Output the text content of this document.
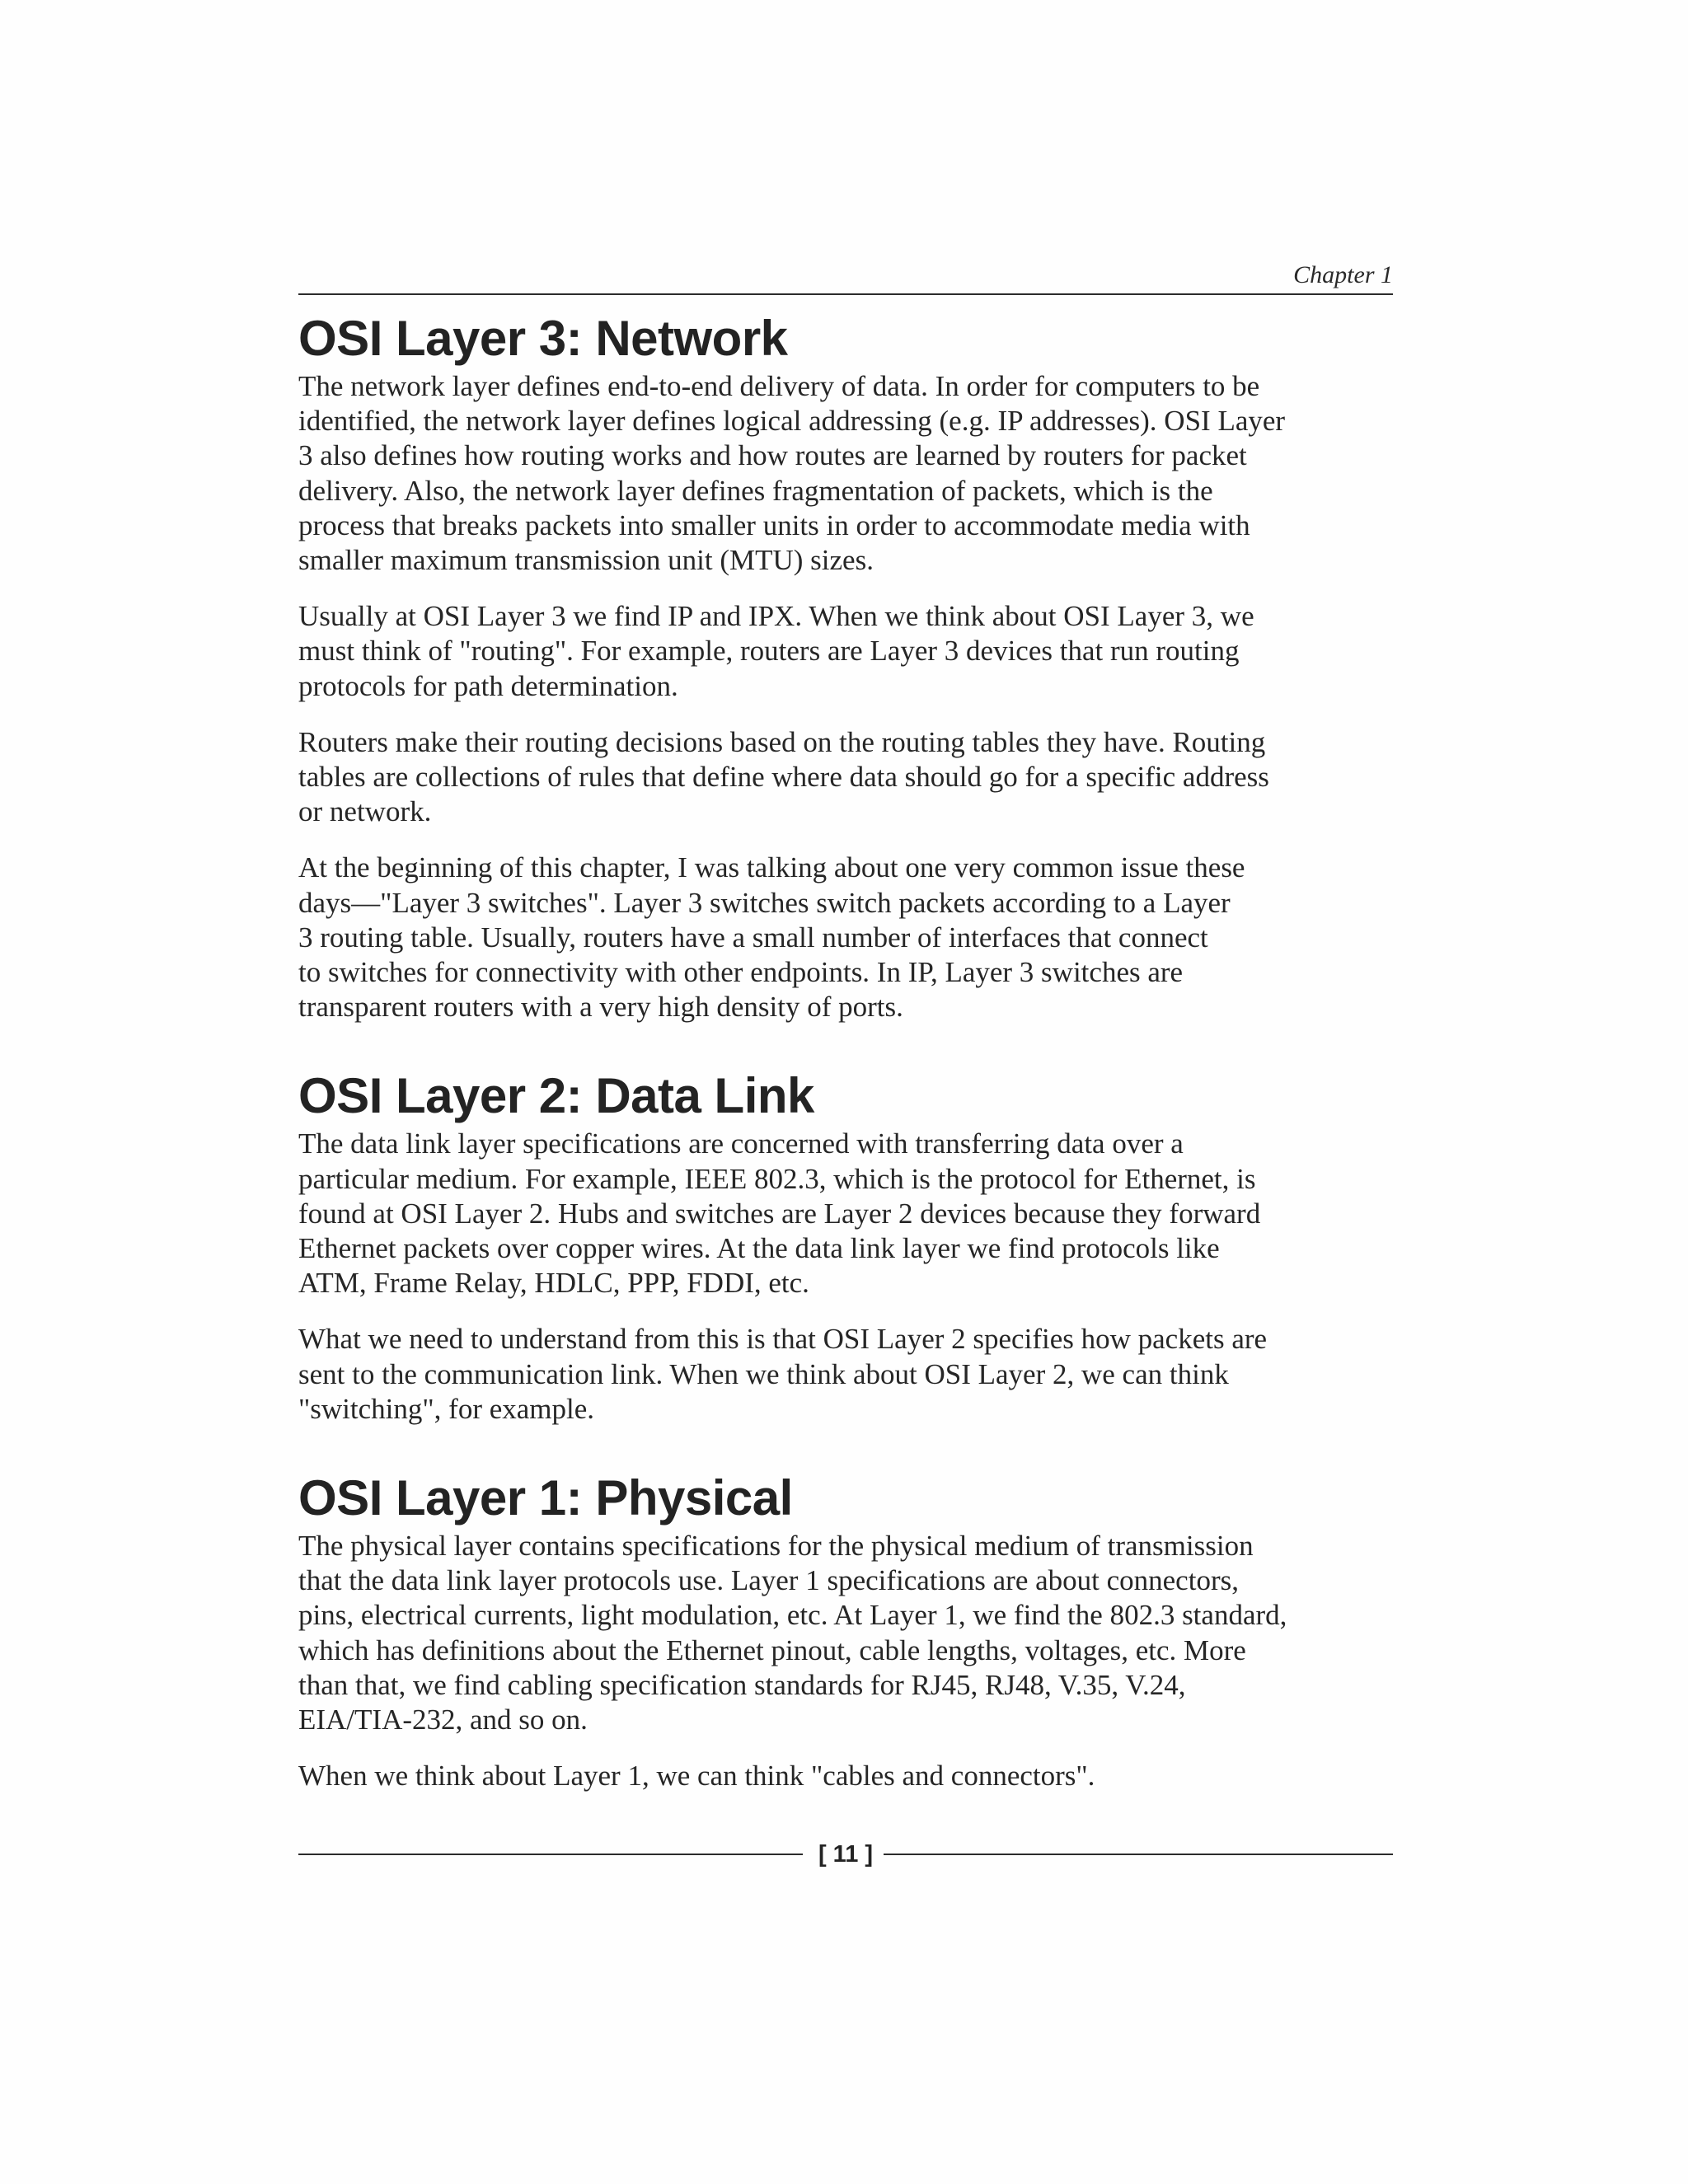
Chapter 1
OSI Layer 3: Network

The network layer defines end-to-end delivery of data. In order for computers to be
identified, the network layer defines logical addressing (e.g. IP addresses). OSI Layer
3 also defines how routing works and how routes are learned by routers for packet
delivery. Also, the network layer defines fragmentation of packets, which is the
process that breaks packets into smaller units in order to accommodate media with
smaller maximum transmission unit (MTU) sizes.

Usually at OSI Layer 3 we find IP and IPX. When we think about OSI Layer 3, we
must think of "routing". For example, routers are Layer 3 devices that run routing
protocols for path determination.

Routers make their routing decisions based on the routing tables they have. Routing
tables are collections of rules that define where data should go for a specific address
or network.

At the beginning of this chapter, I was talking about one very common issue these
days—"Layer 3 switches". Layer 3 switches switch packets according to a Layer
3 routing table. Usually, routers have a small number of interfaces that connect
to switches for connectivity with other endpoints. In IP, Layer 3 switches are
transparent routers with a very high density of ports.

OSI Layer 2: Data Link

The data link layer specifications are concerned with transferring data over a
particular medium. For example, IEEE 802.3, which is the protocol for Ethernet, is
found at OSI Layer 2. Hubs and switches are Layer 2 devices because they forward
Ethernet packets over copper wires. At the data link layer we find protocols like
ATM, Frame Relay, HDLC, PPP, FDDI, etc.

What we need to understand from this is that OSI Layer 2 specifies how packets are
sent to the communication link. When we think about OSI Layer 2, we can think
"switching", for example.

OSI Layer 1: Physical

The physical layer contains specifications for the physical medium of transmission
that the data link layer protocols use. Layer 1 specifications are about connectors,
pins, electrical currents, light modulation, etc. At Layer 1, we find the 802.3 standard,
which has definitions about the Ethernet pinout, cable lengths, voltages, etc. More
than that, we find cabling specification standards for RJ45, RJ48, V.35, V.24,
EIA/TIA-232, and so on.

When we think about Layer 1, we can think "cables and connectors".

[ 11 ]
